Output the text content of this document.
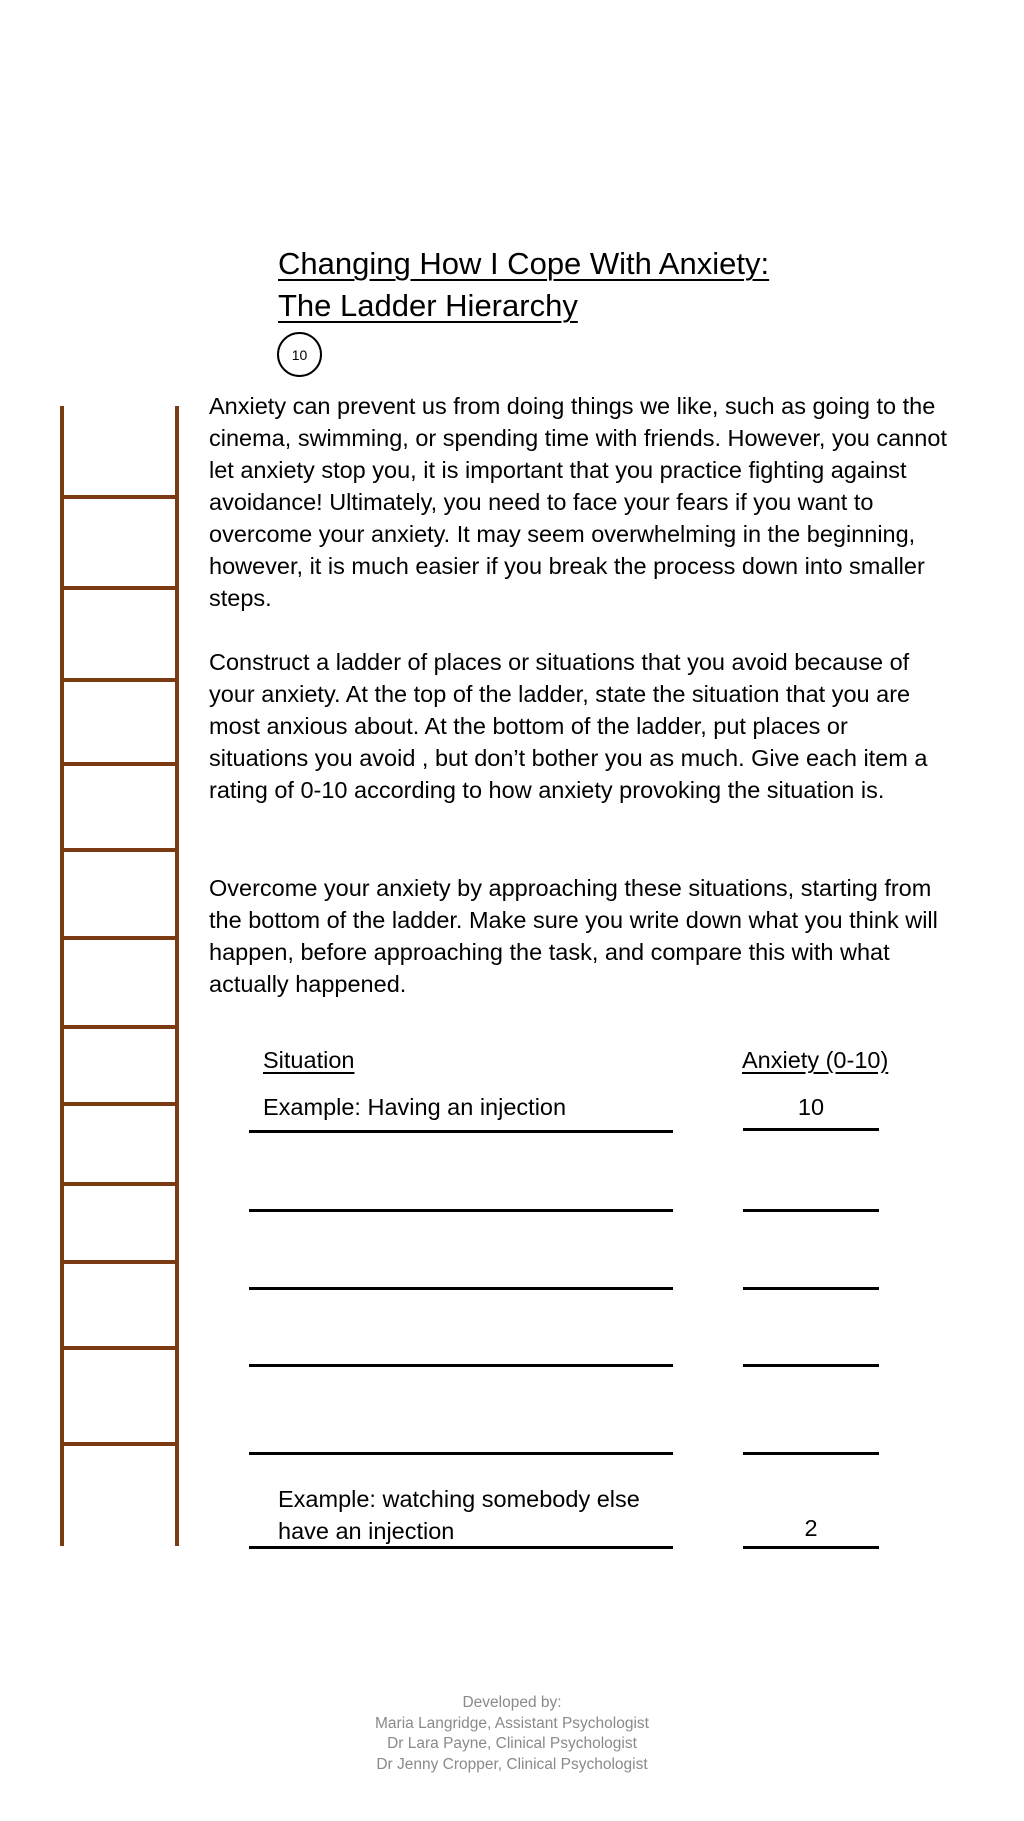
Changing How I Cope With Anxiety:
The Ladder Hierarchy
10

Anxiety can prevent us from doing things we like, such as going to the cinema, swimming, or spending time with friends. However, you cannot let anxiety stop you, it is important that you practice fighting against avoidance! Ultimately, you need to face your fears if you want to overcome your anxiety. It may seem overwhelming in the beginning, however, it is much easier if you break the process down into smaller steps.

Construct a ladder of places or situations that you avoid because of your anxiety. At the top of the ladder, state the situation that you are most anxious about. At the bottom of the ladder, put places or situations you avoid , but don’t bother you as much. Give each item a rating of 0-10 according to how anxiety provoking the situation is.

Overcome your anxiety by approaching these situations, starting from the bottom of the ladder. Make sure you write down what you think will happen, before approaching the task, and compare this with what actually happened.

Situation	Anxiety (0-10)
Example: Having an injection	10
Example: watching somebody else
have an injection	2
Developed by:
Maria Langridge, Assistant Psychologist
Dr Lara Payne, Clinical Psychologist
Dr Jenny Cropper, Clinical Psychologist
